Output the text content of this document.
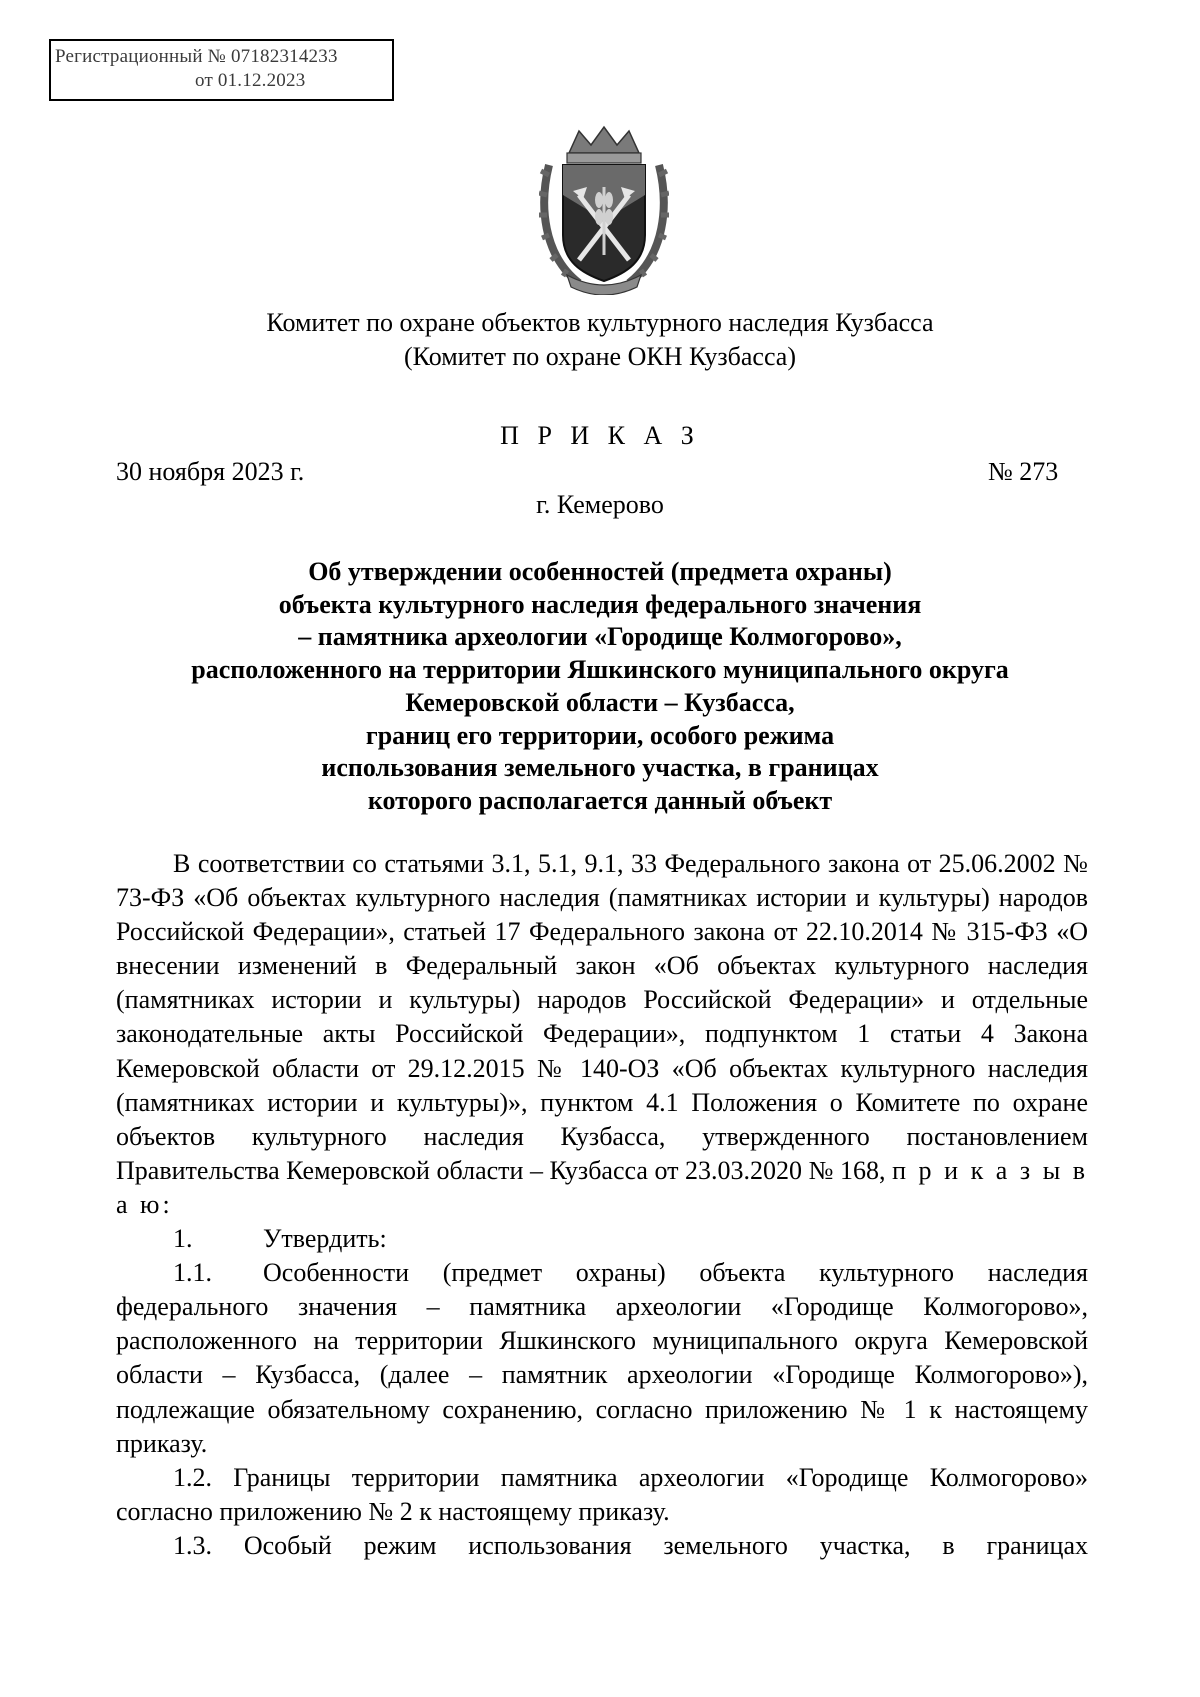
Регистрационный № 07182314233
от 01.12.2023
Комитет по охране объектов культурного наследия Кузбасса
(Комитет по охране ОКН Кузбасса)
П Р И К А З
30 ноября 2023 г.	№ 273
г. Кемерово
Об утверждении особенностей (предмета охраны)
объекта культурного наследия федерального значения
– памятника археологии «Городище Колмогорово»,
расположенного на территории Яшкинского муниципального округа
Кемеровской области – Кузбасса,
границ его территории, особого режима
использования земельного участка, в границах
которого располагается данный объект

В соответствии со статьями 3.1, 5.1, 9.1, 33 Федерального закона от 25.06.2002 № 73-ФЗ «Об объектах культурного наследия (памятниках истории и культуры) народов Российской Федерации», статьей 17 Федерального закона от 22.10.2014 № 315-ФЗ «О внесении изменений в Федеральный закон «Об объектах культурного наследия (памятниках истории и культуры) народов Российской Федерации» и отдельные законодательные акты Российской Федерации», подпунктом 1 статьи 4 Закона Кемеровской области от 29.12.2015 № 140-ОЗ «Об объектах культурного наследия (памятниках истории и культуры)», пунктом 4.1 Положения о Комитете по охране объектов культурного наследия Кузбасса, утвержденного постановлением Правительства Кемеровской области – Кузбасса от 23.03.2020 № 168, п р и к а з ы в а ю:

1.	Утвердить:

1.1. Особенности (предмет охраны) объекта культурного наследия федерального значения – памятника археологии «Городище Колмогорово», расположенного на территории Яшкинского муниципального округа Кемеровской области – Кузбасса, (далее – памятник археологии «Городище Колмогорово»), подлежащие обязательному сохранению, согласно приложению № 1 к настоящему приказу.

1.2. Границы территории памятника археологии «Городище Колмогорово» согласно приложению № 2 к настоящему приказу.

1.3. Особый режим использования земельного участка, в границах
